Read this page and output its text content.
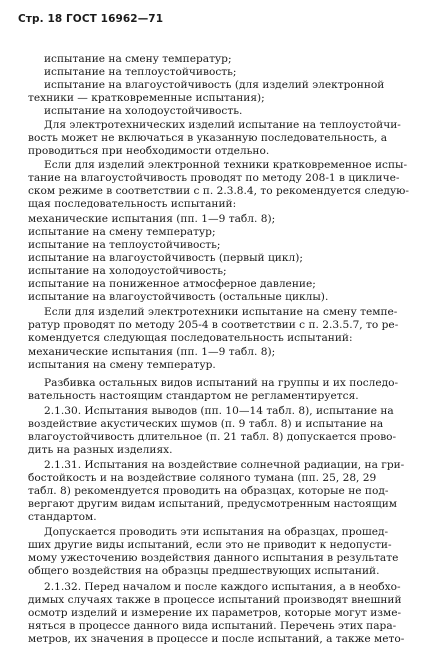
Стр. 18 ГОСТ 16962—71
испытание на смену температур;
испытание на теплоустойчивость;
испытание на влагоустойчивость (для изделий электронной
техники — кратковременные испытания);
испытание на холодоустойчивость.
Для электротехнических изделий испытание на теплоустойчи-
вость может не включаться в указанную последовательность, а
проводиться при необходимости отдельно.
Если для изделий электронной техники кратковременное испы-
тание на влагоустойчивость проводят по методу 208-1 в цикличе-
ском режиме в соответствии с п. 2.3.8.4, то рекомендуется следую-
щая последовательность испытаний:
механические испытания (пп. 1—9 табл. 8);
испытание на смену температур;
испытание на теплоустойчивость;
испытание на влагоустойчивость (первый цикл);
испытание на холодоустойчивость;
испытание на пониженное атмосферное давление;
испытание на влагоустойчивость (остальные циклы).
Если для изделий электротехники испытание на смену темпе-
ратур проводят по методу 205-4 в соответствии с п. 2.3.5.7, то ре-
комендуется следующая последовательность испытаний:
механические испытания (пп. 1—9 табл. 8);
испытания на смену температур.
Разбивка остальных видов испытаний на группы и их последо-
вательность настоящим стандартом не регламентируется.
2.1.30. Испытания выводов (пп. 10—14 табл. 8), испытание на
воздействие акустических шумов (п. 9 табл. 8) и испытание на
влагоустойчивость длительное (п. 21 табл. 8) допускается прово-
дить на разных изделиях.
2.1.31. Испытания на воздействие солнечной радиации, на гри-
бостойкость и на воздействие соляного тумана (пп. 25, 28, 29
табл. 8) рекомендуется проводить на образцах, которые не под-
вергают другим видам испытаний, предусмотренным настоящим
стандартом.
Допускается проводить эти испытания на образцах, прошед-
ших другие виды испытаний, если это не приводит к недопусти-
мому ужесточению воздействия данного испытания в результате
общего воздействия на образцы предшествующих испытаний.
2.1.32. Перед началом и после каждого испытания, а в необхо-
димых случаях также в процессе испытаний производят внешний
осмотр изделий и измерение их параметров, которые могут изме-
няться в процессе данного вида испытаний. Перечень этих пара-
метров, их значения в процессе и после испытаний, а также мето-
